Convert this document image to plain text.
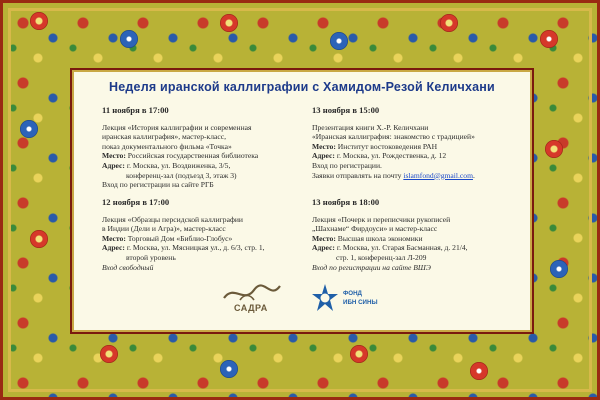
Неделя иранской каллиграфии с Хамидом-Резой Келичхани
11 ноября в 17:00

Лекция «История каллиграфии и современная

иранская каллиграфия», мастер-класс,

показ документального фильма «Точка»

Место: Российская государственная библиотека

Адрес: г. Москва, ул. Воздвиженка, 3/5,

конференц-зал (подъезд 3, этаж 3)

Вход по регистрации на сайте РГБ

13 ноября в 15:00

Презентация книги Х.-Р. Келичхани

«Иранская каллиграфия: знакомство с традицией»

Место: Институт востоковедения РАН

Адрес: г. Москва, ул. Рождественка, д. 12

Вход по регистрации.

Заявки отправлять на почту islamfond@gmail.com.

12 ноября в 17:00

Лекция «Образцы персидской каллиграфии

в Индии (Дели и Агра)», мастер-класс

Место: Торговый Дом «Библио-Глобус»

Адрес: г. Москва, ул. Мясницкая ул., д. 6/3, стр. 1,

второй уровень

Вход свободный

13 ноября в 18:00

Лекция «Почерк и переписчики рукописей

„Шахнаме“ Фирдоуси» и мастер-класс

Место: Высшая школа экономики

Адрес: г. Москва, ул. Старая Басманная, д. 21/4,

стр. 1, конференц-зал Л-209

Вход по регистрации на сайте ВШЭ

САДРА
ФОНД
ИБН СИНЫ
